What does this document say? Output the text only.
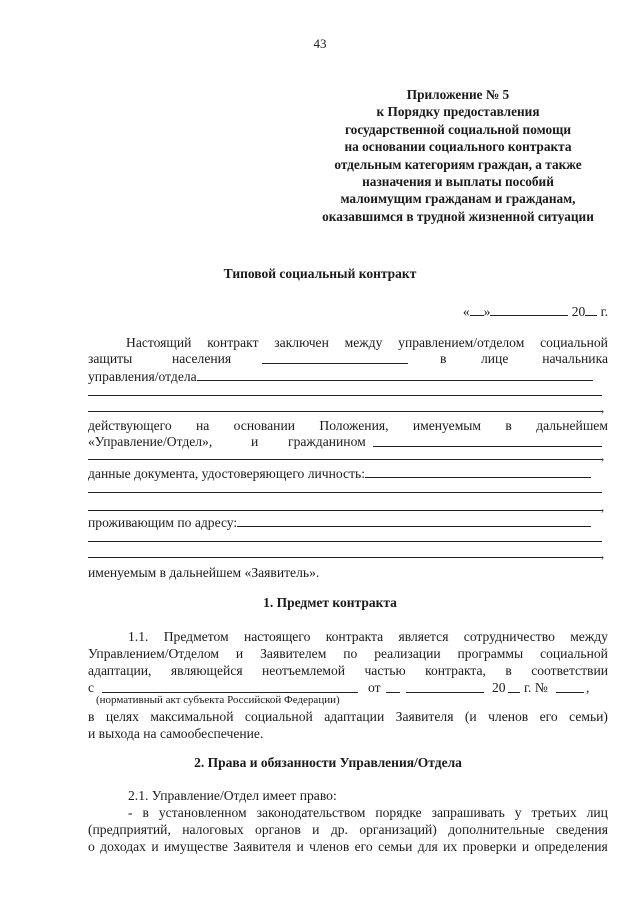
43
Приложение № 5
к Порядку предоставления
государственной социальной помощи
на основании социального контракта
отдельным категориям граждан, а также
назначения и выплаты пособий
малоимущим гражданам и гражданам,
оказавшимся в трудной жизненной ситуации
Типовой социальный контракт
« »	20 г.
Настоящий контракт заключен между управлением/отделом социальной
защиты	населения	в	лице начальника
управления/отдела
,
действующего на основании Положения, именуемым в дальнейшем
«Управление/Отдел»,	и гражданином
,
данные документа, удостоверяющего личность:
,
проживающим по адресу:
,
именуемым в дальнейшем «Заявитель».
1. Предмет контракта
1.1. Предметом настоящего контракта является сотрудничество между
Управлением/Отделом и Заявителем по реализации программы социальной
адаптации, являющейся неотъемлемой частью контракта, в соответствии
с	от	20 г. №	,
(нормативный акт субъекта Российской Федерации)
в целях максимальной социальной адаптации Заявителя (и членов его семьи)
и выхода на самообеспечение.
2. Права и обязанности Управления/Отдела
2.1. Управление/Отдел имеет право:
- в установленном законодательством порядке запрашивать у третьих лиц
(предприятий, налоговых органов и др. организаций) дополнительные сведения
о доходах и имуществе Заявителя и членов его семьи для их проверки и определения
